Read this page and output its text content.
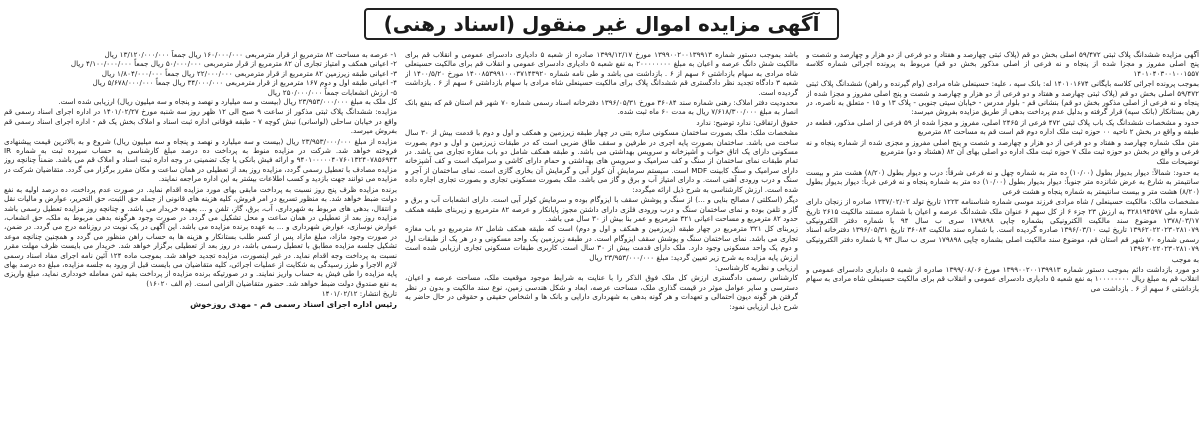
آگهی مزایده اموال غیر منقول (اسناد رهنی)

آگهی مزایده ششدانگ پلاک ثبتی ۵۹/۴۷۲ اصلی بخش دو قم (پلاک ثبتی چهارصد و هفتاد و دو فرعی از دو هزار و چهارصد و شصت و پنج اصلی مفروز و مجزا شده از پنجاه و نه فرعی از اصلی مذکور بخش دو قم) مربوط به پرونده اجرائی شماره کلاسه ۱۴۰۱۰۴۰۳۰۰۱۰۰۱۵۵۷

بموجب پرونده اجرائی کلاسه بایگانی ۱۴۰۱۰۱۶۷۴ له: بانک سپه ، علیه: حسینعلی شاه مرادی (وام گیرنده و راهن) ششدانگ پلاک ثبتی ۵۹/۴۷۲ اصلی بخش دو قم (پلاک ثبتی چهارصد و هفتاد و دو فرعی از دو هزار و چهارصد و شصت و پنج اصلی مفروز و مجزا شده از پنجاه و نه فرعی از اصلی مذکور بخش دو قم) بنشانی قم - بلوار مدرس - خیابان سیتی جنوبی - پلاک ۱۳ و ۱۵ - متعلق به ناصره، در رهن بستانکار (بانک سپه) قرار گرفته و بدلیل عدم پرداخت بدهی از طریق مزایده بفروش میرسد:

حدود و مشخصات ششدانگ یک باب پلاک ثبتی ۴۷۲ فرعی از ۲۴۶۵ اصلی، مفروز و مجزا شده از ۵۹ فرعی از اصلی مذکور، قطعه در طبقه و واقع در بخش ۲ ناحیه ۰۰ حوزه ثبت ملک اداره دوم قم است قم به مساحت ۸۲ مترمربع

متن ملک شماره چهارصد و هفتاد و دو فرعی از دو هزار و چهارصد و شصت و پنج اصلی مفروز و مجزی شده از شماره پنجاه و نه فرعی و واقع در بخش دو حوزه ثبت ملک ۷ حوزه ثبت ملک اداره دو اصلی بهای آن ۸۲ (هشتاد و دو) مترمربع

توضیحات ملک

به حدود: شمالاً: دیوار بدیوار بطول (۱۰/۰۰) ده متر به شماره چهل و نه فرعی شرقاً: درب و دیوار بطول (۸/۲۰) هشت متر و بیست سانتیمتر به شارع به عرض شانزده متر جنوباً: دیوار بدیوار بطول (۱۰/۰۰) ده متر به شماره پنجاه و نه فرعی غرباً: دیوار بدیوار بطول (۸/۲۰) هشت متر و بیست سانتیمتر به شماره پنجاه و هشت فرعی

مشخصات مالک: مالکیت حسینعلی / شاه مرادی فرزند موسی شماره شناسنامه ۱۲۲۳ تاریخ تولد ۱۳۳۷/۰۲/۰۲ صادره از زنجان دارای شماره ملی ۴۲۸۱۹۴۵۹۷ به ارزش ۲۳ جزء ۶ از کل سهم ۶ عنوان ملک ششدانگ عرصه و اعیان با شماره مستند مالکیت ۲۶۱۵ تاریخ ۱۳۷۸/۰۳/۱۷ موضوع سند مالکیت الکترونیکی بشماره چاپی ۱۷۹۸۹۸ سری ب سال ۹۴ با شماره دفتر الکترونیکی ۱۳۹۶۲۰۲۲۰۲۳۰۲۸۱۰۷۹ تاریخ ثبت ۱۳۹۶/۰۳/۱۰ صادره گردیده است. با شماره سند مالکیت ۳۶۰۸۴ تاریخ ۱۳۹۶/۰۵/۳۱ دفترخانه اسناد رسمی شماره ۷۰ شهر قم استان قم، موضوع سند مالکیت اصلی بشماره چاپی ۱۷۹۸۹۸ سری ب سال ۹۴ با شماره دفتر الکترونیکی ۱۳۹۶۲۰۲۲۰۲۳۰۲۸۱۰۷۹

به موجب

دو مورد بازداشت دائم بموجب دستور شماره ۱۳۹۹۰۰۲۰۰۱۳۹۹۱۳ مورخ ۱۳۹۹/۰۸/۰۶ صادره از شعبه ۵ دادیاری دادسرای عمومی و انقلاب قم به مبلغ ریال ۱۰۰۰۰۰۰۰۰ به نفع شعبه ۵ دادیاری دادسرای عمومی و انقلاب قم برای مالکیت حسینعلی شاه مرادی به سهام بازداشتی ۶ سهم از ۶ . بازداشت می

باشد بموجب دستور شماره ۱۳۹۹۰۰۲۰۰۱۳۹۹۱۳ مورخ ۱۳۹۹/۱۲/۱۷ صادره از شعبه ۵ دادیاری دادسرای عمومی و انقلاب قم برای مالکیت شش دانگ عرصه و اعیان به مبلغ ۲۰۰۰۰۰۰۰۰ به نفع شعبه ۵ دادیاری دادسرای عمومی و انقلاب قم برای مالکیت حسینعلی شاه مرادی به سهام بازداشتی ۶ سهم از ۶ . بازداشت می باشد و طی نامه شماره ۱۴۰۰۸۵۳۹۹۱۰۰۰۳۷۱۴۳۹۲۰ مورخ ۱۴۰۰/۵/۲۰ از شعبه ۳ دادگاه تجدید نظر دادگستری قم ششدانگ پلاک برای مالکیت حسینعلی شاه مرادی با سهام بازداشتی ۶ سهم از ۶ . بازداشت گردیده است.

محدودیت دفتر املاک: رهنی شماره سند ۳۶۰۸۴ مورخ ۱۳۹۶/۰۵/۳۱ دفترخانه اسناد رسمی شماره ۷۰ شهر قم استان قم که بنفع بانک انصار به مبلغ ۷/۶۱۸/۳۰۰/۰۰۰ ریال به مدت ۶۰ ماه ثبت شده.

حقوق ارتفاقی: ندارد توضیح: ندارد

مشخصات ملک: ملک بصورت ساختمان مسکونی سازه بتنی در چهار طبقه زیرزمین و همکف و اول و دوم با قدمت بیش از ۳۰ سال ساخت می باشد. ساختمان بصورت پایه اجری در طرفین و سقف طاق ضربی است که در طبقات زیرزمین و اول و دوم بصورت مسکونی دارای یک اتاق خواب و آشپزخانه و سرویس بهداشتی می باشد. و طبقه همکف شامل دو باب مغازه تجاری می باشد. در تمام طبقات نمای ساختمان از سنگ و کف سرامیک و سرویس های بهداشتی و حمام دارای کاشی و سرامیک است و کف آشپزخانه دارای سرامیک و سنگ کابینت MDF است. سیستم سرمایش آن کولر آبی و گرمایش آن بخاری گازی است. نمای ساختمان از آجر و سنگ و درب ورودی آهنی است. و دارای امتیاز آب و برق و گاز می باشد. ملک بصورت مسکونی تجاری و بصورت تجاری اجاره داده شده است. ارزش کارشناسی به شرح ذیل ارائه میگردد:

دیگر (اسکلتی / مصالح بنایی و ...) از سنگ و پوشش سقف با ایزوگام بوده و سرمایش کولر آبی است. دارای انشعابات آب و برق و گاز و تلفن بوده و نمای ساختمان سنگ و درب ورودی فلزی دارای داشتن مجوز پایانکار و عرصه ۸۲ مترمربع و زیربنای طبقه همکف حدود ۸۲ مترمربع و مساحت اعیانی ۳۲۱ مترمربع و عمر بنا بیش از ۳۰ سال می باشد.

زیربنای کل ۳۲۱ مترمربع در چهار طبقه (زیرزمین و همکف و اول و دوم) است که طبقه همکف شامل ۸۲ مترمربع دو باب مغازه تجاری می باشد. نمای ساختمان سنگ و پوشش سقف ایزوگام است. در طبقه زیرزمین یک واحد مسکونی و در هر یک از طبقات اول و دوم یک واحد مسکونی وجود دارد. ملک دارای قدمت بیش از ۳۰ سال است. کاربری طبقات مسکونی تجاری ارزیابی شده است ارزش پایه مزایده به شرح زیر تعیین گردید: مبلغ ۲۳/۹۵۳/۰۰۰/۰۰۰ ریال

ارزیابی و نظریه کارشناسی:

کارشناس رسمی دادگستری ارزش کل ملک فوق الذکر را با عنایت به شرایط موجود موقعیت ملک، مساحت عرصه و اعیان، دسترسی و سایر عوامل موثر در قیمت گذاری ملک، مساحت عرصه، ابعاد و شکل هندسی زمین، نوع سند مالکیت و بدون در نظر گرفتن هر گونه دیون احتمالی و تعهدات و هر گونه بدهی به شهرداری دارایی و بانک ها و اشخاص حقیقی و حقوقی در حال حاضر به شرح ذیل ارزیابی نمود:

۱- عرصه به مساحت ۸۲ مترمربع از قرار مترمربعی ۱۶۰/۰۰۰/۰۰۰ ریال جمعاً ۱۳/۱۲۰/۰۰۰/۰۰۰ ریال

۲- اعیانی همکف و امتیاز تجاری آن ۸۲ مترمربع از قرار مترمربعی ۵۰/۰۰۰/۰۰۰ ریال جمعاً ۴/۱۰۰/۰۰۰/۰۰۰ ریال

۳- اعیانی طبقه زیرزمین ۸۲ مترمربع از قرار مترمربعی ۲۲/۰۰۰/۰۰۰ ریال جمعاً ۱/۸۰۴/۰۰۰/۰۰۰ ریال

۴- اعیانی طبقه اول و دوم ۱۶۷ مترمربع از قرار مترمربعی ۳۴/۰۰۰/۰۰۰ ریال جمعاً ۵/۶۷۸/۰۰۰/۰۰۰ ریال

۵- ارزش انشعابات جمعاً ۲۵۰/۰۰۰/۰۰۰ ریال

کل ملک به مبلغ ۲۳/۹۵۳/۰۰۰/۰۰۰ ریال (بیست و سه میلیارد و نهصد و پنجاه و سه میلیون ریال) ارزیابی شده است.

مزایده: ششدانگ پلاک ثبتی مذکور از ساعت ۹ صبح الی ۱۲ ظهر روز سه شنبه مورخ ۱۴۰۱/۰۲/۲۷ در اداره اجرای اسناد رسمی قم واقع در خیابان ساحلی (لواسانی) نبش کوچه ۷ - طبقه فوقانی اداره ثبت اسناد و املاک بخش یک قم - اداره اجرای اسناد رسمی قم بفروش میرسد.

مزایده از مبلغ ۲۳/۹۵۳/۰۰۰/۰۰۰ ریال (بیست و سه میلیارد و نهصد و پنجاه و سه میلیون ریال) شروع و به بالاترین قیمت پیشنهادی فروخته خواهد شد. شرکت در مزایده منوط به پرداخت ده درصد مبلغ کارشناسی به حساب سپرده ثبت به شماره IR ۹۴۰۱۰۰۰۰۰۴۰۷۶۰۱۳۲۴۰۷۸۵۶۹۴۳ و ارائه فیش بانکی یا چک تضمینی در وجه اداره ثبت اسناد و املاک قم می باشد. ضمناً چنانچه روز مزایده مصادف با تعطیل رسمی گردد، مزایده روز بعد از تعطیلی در همان ساعت و مکان مقرر برگزار می گردد. متقاضیان شرکت در مزایده می توانند جهت بازدید و کسب اطلاعات بیشتر به این اداره مراجعه نمایند.

برنده مزایده ظرف پنج روز نسبت به پرداخت مابقی بهای مورد مزایده اقدام نماید. در صورت عدم پرداخت، ده درصد اولیه به نفع دولت ضبط خواهد شد. به منظور تسریع در امر فروش، کلیه هزینه های قانونی از جمله حق الثبت، حق التحریر، عوارض و مالیات نقل و انتقال، بدهی های مربوط به شهرداری، آب، برق، گاز، تلفن و ... بعهده خریدار می باشد. و چنانچه روز مزایده تعطیل رسمی باشد مزایده روز بعد از تعطیلی در همان ساعت و محل تشکیل می گردد. در صورت وجود هرگونه بدهی مربوط به ملک، حق انشعاب، عوارض نوسازی، عوارض شهرداری و ... به عهده برنده مزایده می باشد. این آگهی در یک نوبت در روزنامه درج می گردد. در ضمن، در صورت وجود مازاد، مبلغ مازاد پس از کسر طلب بستانکار و هزینه ها به حساب راهن منظور می گردد و همچنین چنانچه موعد تشکیل جلسه مزایده مطابق با تعطیل رسمی باشد، در روز بعد از تعطیلی برگزار خواهد شد. خریدار می بایست ظرف مهلت مقرر نسبت به پرداخت وجه اقدام نماید. در غیر اینصورت، مزایده تجدید خواهد شد. بموجب ماده ۱۲۴ آئین نامه اجرای مفاد اسناد رسمی لازم الاجرا و طرز رسیدگی به شکایت از عملیات اجرائی، کلیه متقاضیان می بایست قبل از ورود به جلسه مزایده، مبلغ ده درصد بهای پایه مزایده را طی فیش به حساب واریز نمایند. و در صورتیکه برنده مزایده از پرداخت بقیه ثمن معامله خودداری نماید، مبلغ واریزی به نفع صندوق دولت ضبط خواهد شد. حضور متقاضیان الزامی است. (م الف ۱۶۰۲۰)

تاریخ انتشار: ۱۴۰۱/۰۲/۱۲

رئیس اداره اجرای اسناد رسمی قم - مهدی روزخوش
